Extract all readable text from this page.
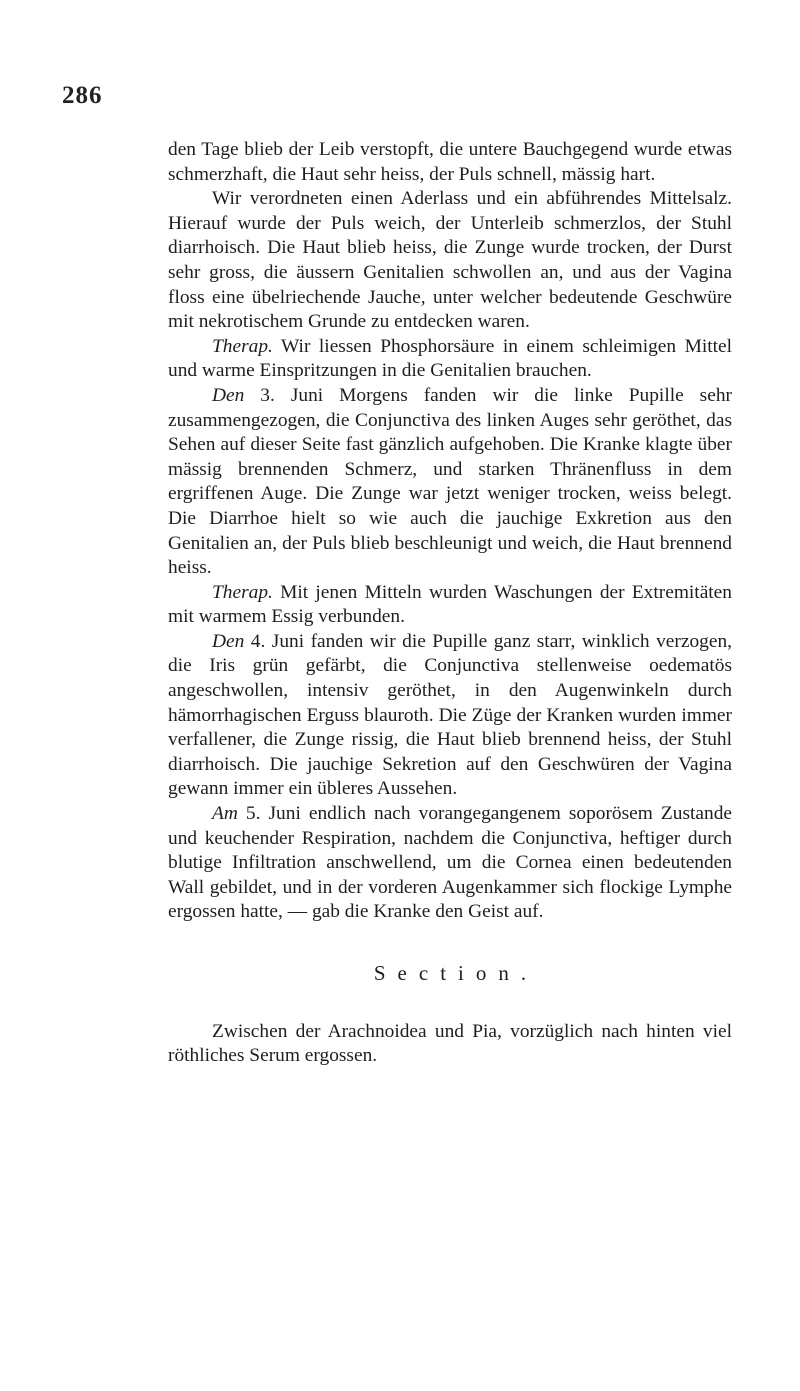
286

den Tage blieb der Leib verstopft, die untere Bauchgegend wurde etwas schmerzhaft, die Haut sehr heiss, der Puls schnell, mässig hart.

Wir verordneten einen Aderlass und ein abführendes Mittelsalz. Hierauf wurde der Puls weich, der Unterleib schmerzlos, der Stuhl diarrhoisch. Die Haut blieb heiss, die Zunge wurde trocken, der Durst sehr gross, die äussern Genitalien schwollen an, und aus der Vagina floss eine übelriechende Jauche, unter welcher bedeutende Geschwüre mit nekrotischem Grunde zu entdecken waren.

Therap. Wir liessen Phosphorsäure in einem schleimigen Mittel und warme Einspritzungen in die Genitalien brauchen.

Den 3. Juni Morgens fanden wir die linke Pupille sehr zusammengezogen, die Conjunctiva des linken Auges sehr geröthet, das Sehen auf dieser Seite fast gänzlich aufgehoben. Die Kranke klagte über mässig brennenden Schmerz, und starken Thränenfluss in dem ergriffenen Auge. Die Zunge war jetzt weniger trocken, weiss belegt. Die Diarrhoe hielt so wie auch die jauchige Exkretion aus den Genitalien an, der Puls blieb beschleunigt und weich, die Haut brennend heiss.

Therap. Mit jenen Mitteln wurden Waschungen der Extremitäten mit warmem Essig verbunden.

Den 4. Juni fanden wir die Pupille ganz starr, winklich verzogen, die Iris grün gefärbt, die Conjunctiva stellenweise oedematös angeschwollen, intensiv geröthet, in den Augenwinkeln durch hämorrhagischen Erguss blauroth. Die Züge der Kranken wurden immer verfallener, die Zunge rissig, die Haut blieb brennend heiss, der Stuhl diarrhoisch. Die jauchige Sekretion auf den Geschwüren der Vagina gewann immer ein übleres Aussehen.

Am 5. Juni endlich nach vorangegangenem soporösem Zustande und keuchender Respiration, nachdem die Conjunctiva, heftiger durch blutige Infiltration anschwellend, um die Cornea einen bedeutenden Wall gebildet, und in der vorderen Augenkammer sich flockige Lymphe ergossen hatte, — gab die Kranke den Geist auf.

Section.

Zwischen der Arachnoidea und Pia, vorzüglich nach hinten viel röthliches Serum ergossen.
